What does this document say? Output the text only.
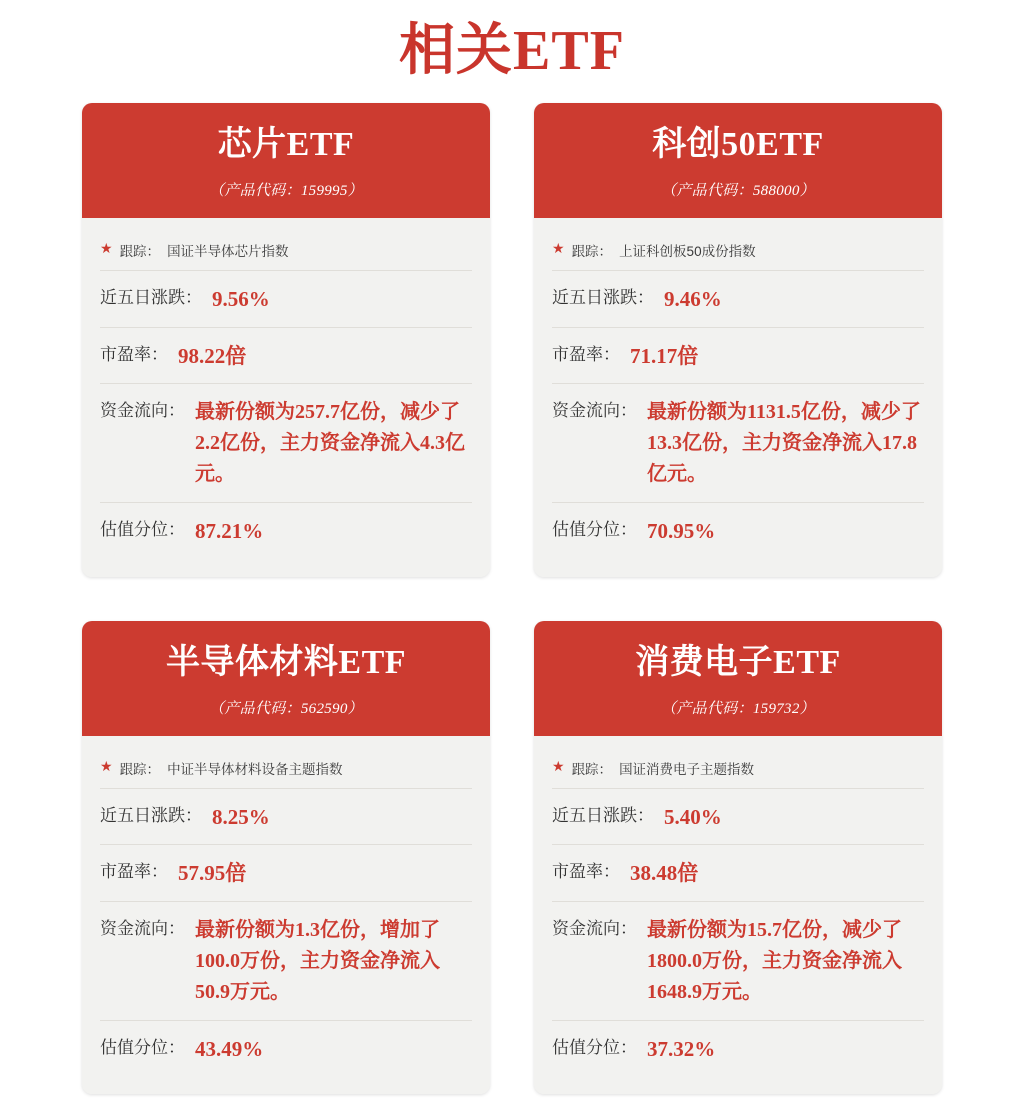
相关ETF
芯片ETF
（产品代码：159995）
★ 跟踪： 国证半导体芯片指数
近五日涨跌： 9.56%
市盈率： 98.22倍
资金流向： 最新份额为257.7亿份，减少了2.2亿份，主力资金净流入4.3亿元。
估值分位： 87.21%
科创50ETF
（产品代码：588000）
★ 跟踪： 上证科创板50成份指数
近五日涨跌： 9.46%
市盈率： 71.17倍
资金流向： 最新份额为1131.5亿份，减少了13.3亿份，主力资金净流入17.8亿元。
估值分位： 70.95%
半导体材料ETF
（产品代码：562590）
★ 跟踪： 中证半导体材料设备主题指数
近五日涨跌： 8.25%
市盈率： 57.95倍
资金流向： 最新份额为1.3亿份，增加了100.0万份，主力资金净流入50.9万元。
估值分位： 43.49%
消费电子ETF
（产品代码：159732）
★ 跟踪： 国证消费电子主题指数
近五日涨跌： 5.40%
市盈率： 38.48倍
资金流向： 最新份额为15.7亿份，减少了1800.0万份，主力资金净流入1648.9万元。
估值分位： 37.32%
